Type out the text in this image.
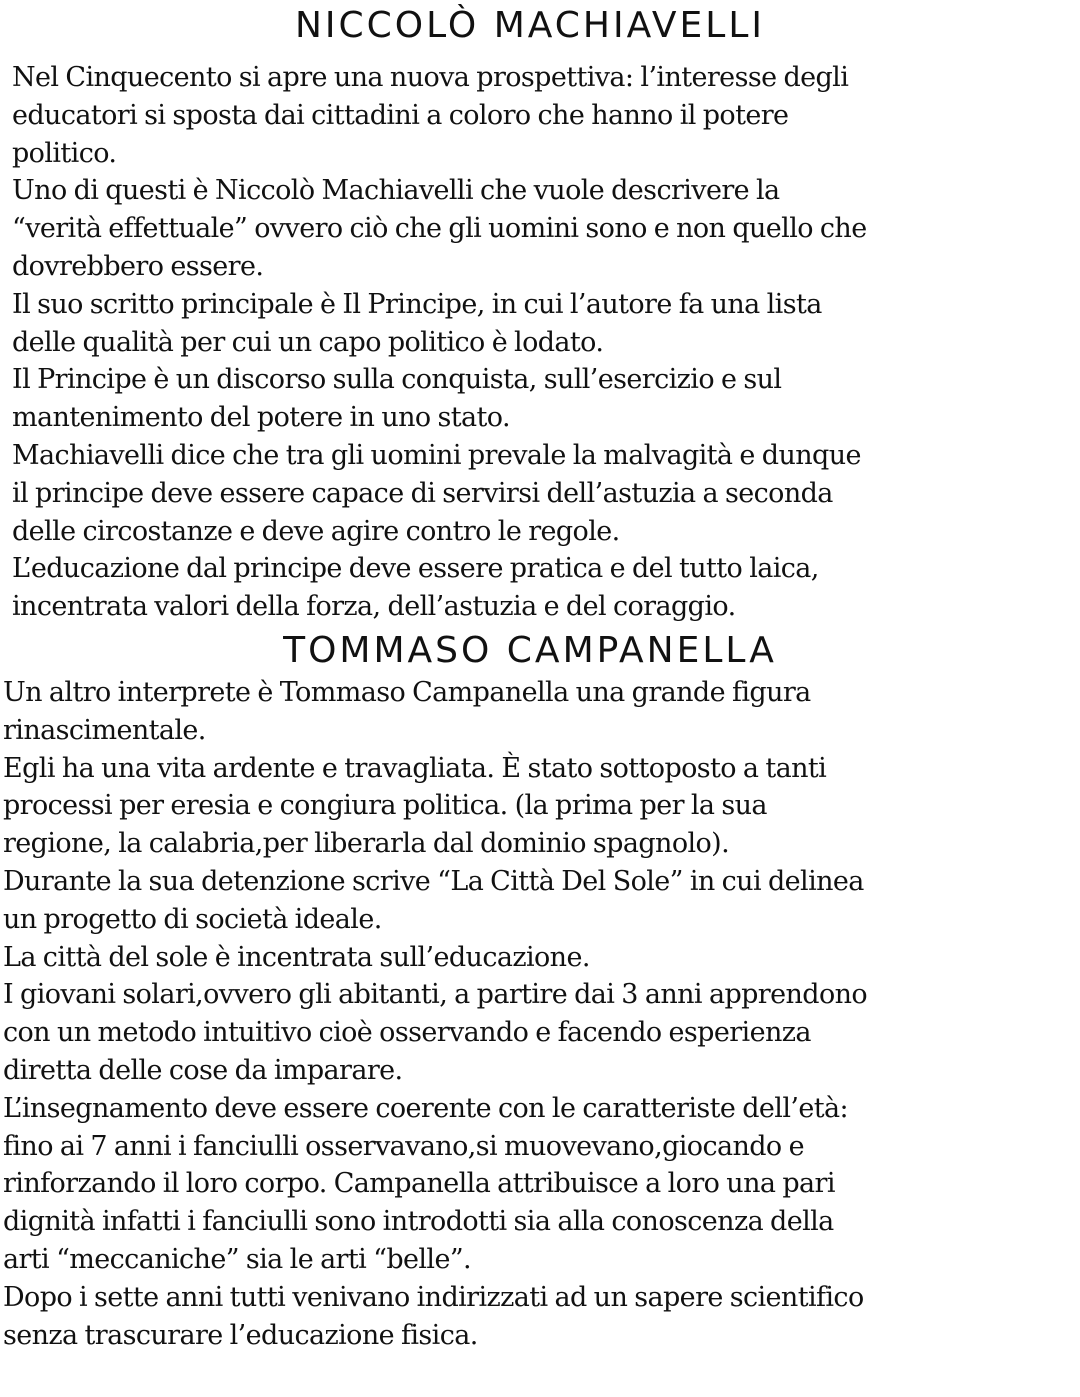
NICCOLÒ MACHIAVELLI
Nel Cinquecento si apre una nuova prospettiva: l’interesse degli
educatori si sposta dai cittadini a coloro che hanno il potere
politico.
Uno di questi è Niccolò Machiavelli che vuole descrivere la
“verità effettuale” ovvero ciò che gli uomini sono e non quello che
dovrebbero essere.
Il suo scritto principale è Il Principe, in cui l’autore fa una lista
delle qualità per cui un capo politico è lodato.
Il Principe è un discorso sulla conquista, sull’esercizio e sul
mantenimento del potere in uno stato.
Machiavelli dice che tra gli uomini prevale la malvagità e dunque
il principe deve essere capace di servirsi dell’astuzia a seconda
delle circostanze e deve agire contro le regole.
L’educazione dal principe deve essere pratica e del tutto laica,
incentrata valori della forza, dell’astuzia e del coraggio.
TOMMASO CAMPANELLA
Un altro interprete è Tommaso Campanella una grande figura
rinascimentale.
Egli ha una vita ardente e travagliata. È stato sottoposto a tanti
processi per eresia e congiura politica. (la prima per la sua
regione, la calabria,per liberarla dal dominio spagnolo).
Durante la sua detenzione scrive “La Città Del Sole” in cui delinea
un progetto di società ideale.
La città del sole è incentrata sull’educazione.
I giovani solari,ovvero gli abitanti, a partire dai 3 anni apprendono
con un metodo intuitivo cioè osservando e facendo esperienza
diretta delle cose da imparare.
L’insegnamento deve essere coerente con le caratteriste dell’età:
fino ai 7 anni i fanciulli osservavano,si muovevano,giocando e
rinforzando il loro corpo. Campanella attribuisce a loro una pari
dignità infatti i fanciulli sono introdotti sia alla conoscenza della
arti “meccaniche” sia le arti “belle”.
Dopo i sette anni tutti venivano indirizzati ad un sapere scientifico
senza trascurare l’educazione fisica.
